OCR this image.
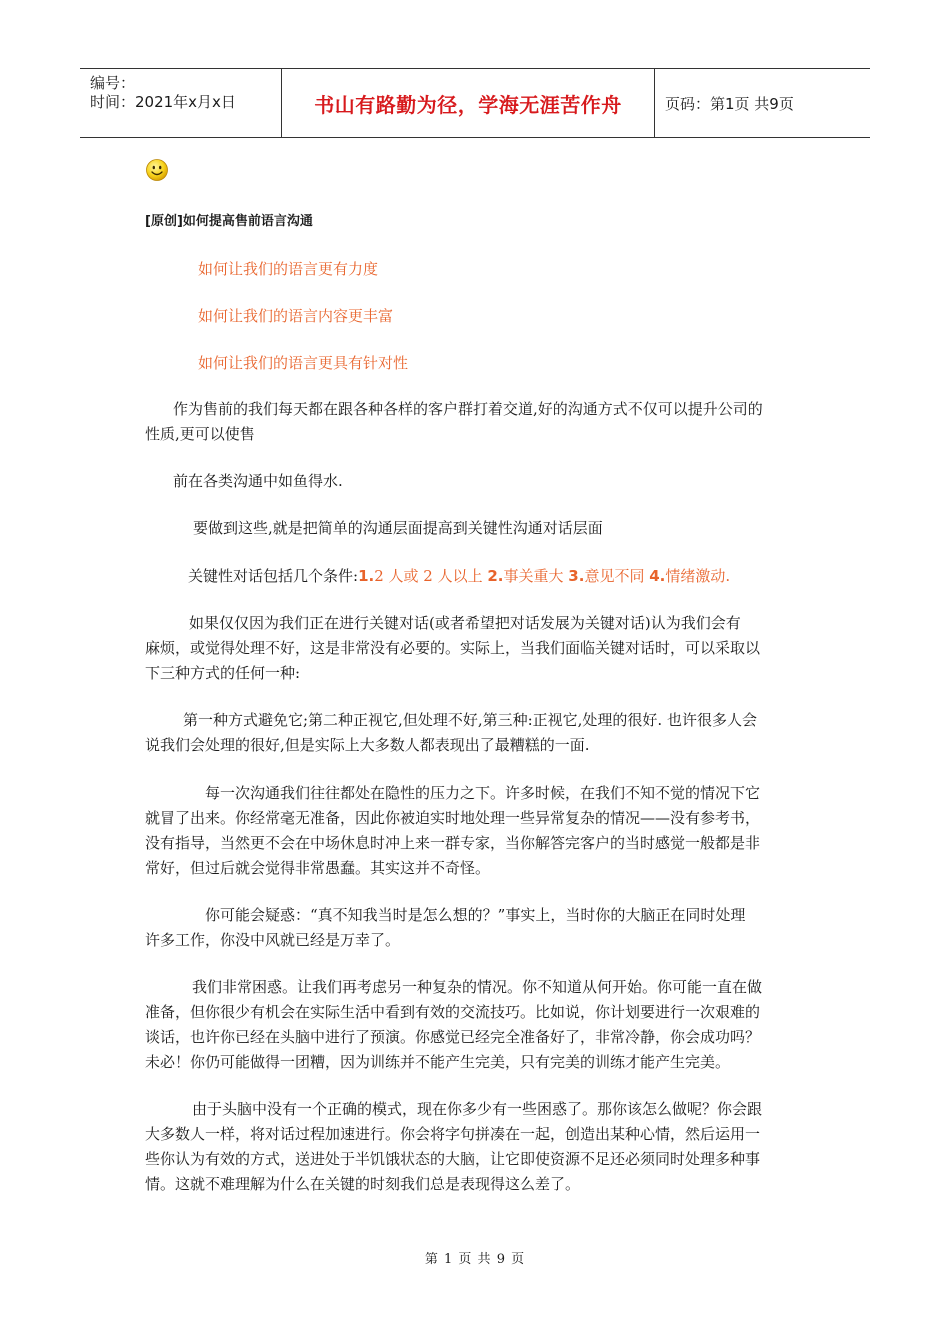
编号：
时间：2021年x月x日	书山有路勤为径，学海无涯苦作舟	页码：第1页 共9页
[原创]如何提高售前语言沟通
如何让我们的语言更有力度
如何让我们的语言内容更丰富
如何让我们的语言更具有针对性
作为售前的我们每天都在跟各种各样的客户群打着交道,好的沟通方式不仅可以提升公司的
性质,更可以使售
前在各类沟通中如鱼得水.
要做到这些,就是把简单的沟通层面提高到关键性沟通对话层面
关键性对话包括几个条件:1.2 人或 2 人以上 2.事关重大 3.意见不同 4.情绪激动.
如果仅仅因为我们正在进行关键对话(或者希望把对话发展为关键对话)认为我们会有
麻烦，或觉得处理不好，这是非常没有必要的。实际上，当我们面临关键对话时，可以采取以
下三种方式的任何一种:
第一种方式避免它;第二种正视它,但处理不好,第三种:正视它,处理的很好. 也许很多人会
说我们会处理的很好,但是实际上大多数人都表现出了最糟糕的一面.
每一次沟通我们往往都处在隐性的压力之下。许多时候，在我们不知不觉的情况下它
就冒了出来。你经常毫无准备，因此你被迫实时地处理一些异常复杂的情况——没有参考书，
没有指导，当然更不会在中场休息时冲上来一群专家，当你解答完客户的当时感觉一般都是非
常好，但过后就会觉得非常愚蠢。其实这并不奇怪。
你可能会疑惑：“真不知我当时是怎么想的？”事实上，当时你的大脑正在同时处理
许多工作，你没中风就已经是万幸了。
我们非常困惑。让我们再考虑另一种复杂的情况。你不知道从何开始。你可能一直在做
准备，但你很少有机会在实际生活中看到有效的交流技巧。比如说，你计划要进行一次艰难的
谈话，也许你已经在头脑中进行了预演。你感觉已经完全准备好了，非常冷静，你会成功吗？
未必！你仍可能做得一团糟，因为训练并不能产生完美，只有完美的训练才能产生完美。
由于头脑中没有一个正确的模式，现在你多少有一些困惑了。那你该怎么做呢？你会跟
大多数人一样，将对话过程加速进行。你会将字句拼凑在一起，创造出某种心情，然后运用一
些你认为有效的方式，送进处于半饥饿状态的大脑，让它即使资源不足还必须同时处理多种事
情。这就不难理解为什么在关键的时刻我们总是表现得这么差了。
第 1 页 共 9 页
